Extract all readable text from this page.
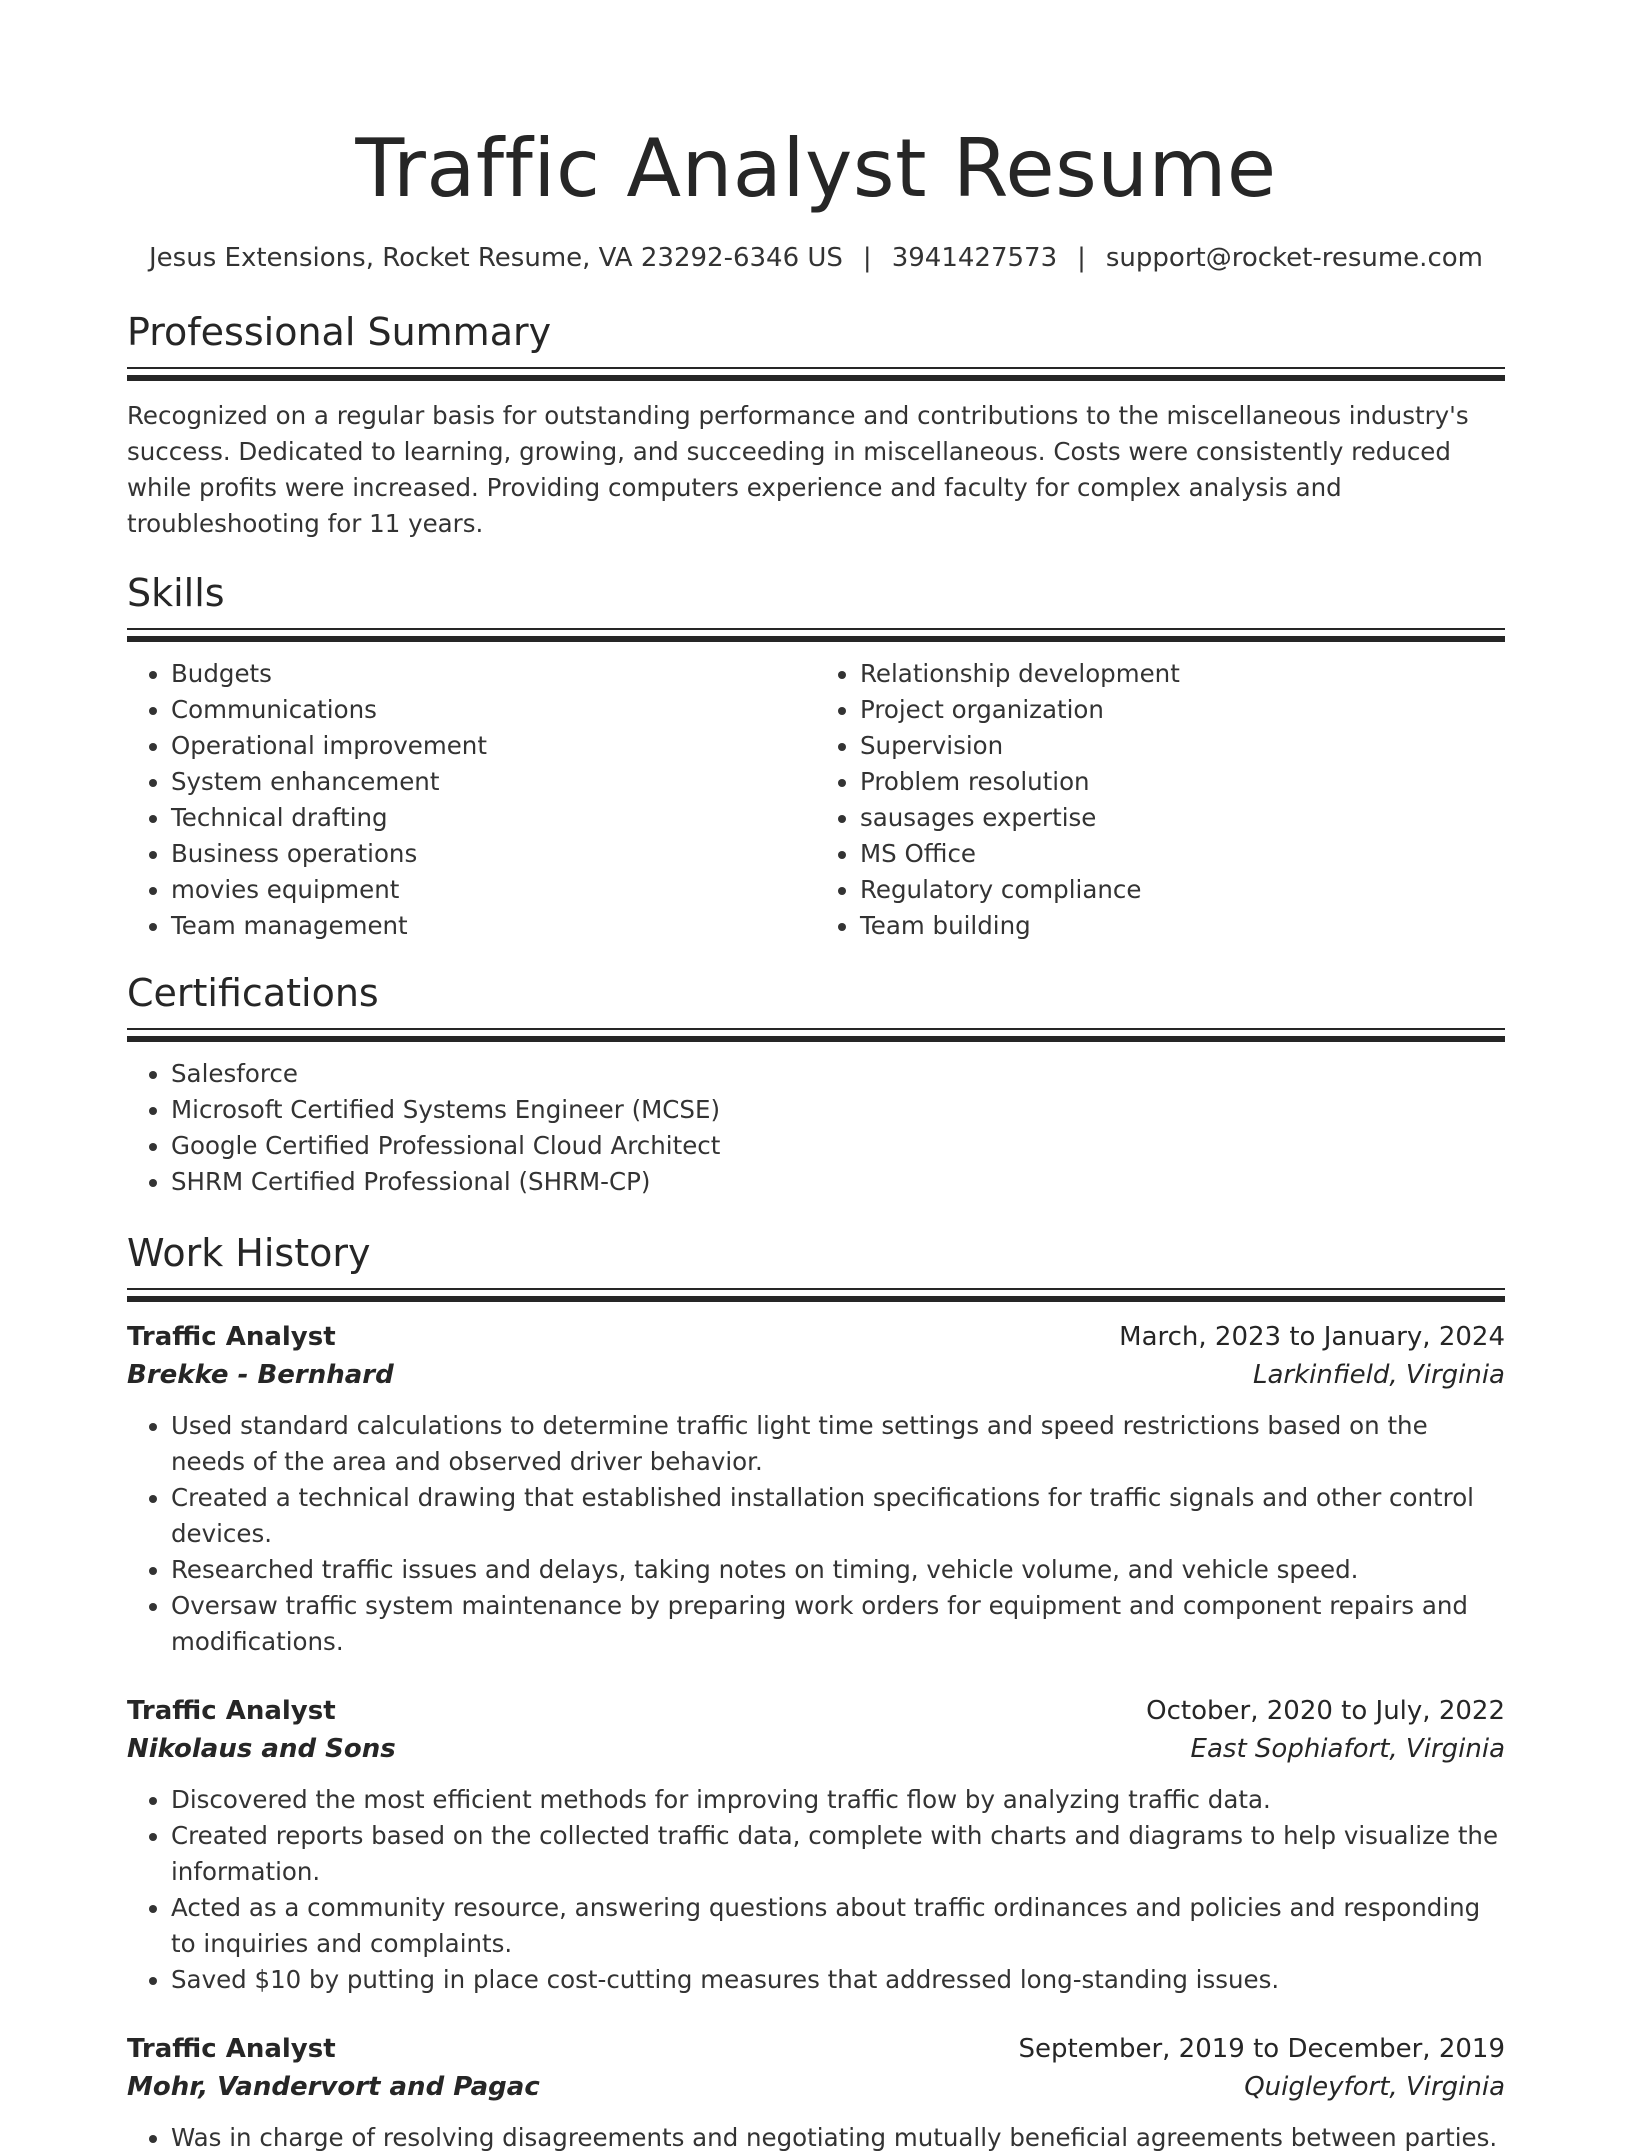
Traffic Analyst Resume
Jesus Extensions, Rocket Resume, VA 23292-6346 US | 3941427573 | support@rocket-resume.com
Professional Summary

Recognized on a regular basis for outstanding performance and contributions to the miscellaneous industry's success. Dedicated to learning, growing, and succeeding in miscellaneous. Costs were consistently reduced while profits were increased. Providing computers experience and faculty for complex analysis and troubleshooting for 11 years.

Skills
• Budgets
• Communications
• Operational improvement
• System enhancement
• Technical drafting
• Business operations
• movies equipment
• Team management
• Relationship development
• Project organization
• Supervision
• Problem resolution
• sausages expertise
• MS Office
• Regulatory compliance
• Team building
Certifications
• Salesforce
• Microsoft Certified Systems Engineer (MCSE)
• Google Certified Professional Cloud Architect
• SHRM Certified Professional (SHRM-CP)
Work History
Traffic Analyst	March, 2023 to January, 2024
Brekke - Bernhard	Larkinfield, Virginia
• Used standard calculations to determine traffic light time settings and speed restrictions based on the needs of the area and observed driver behavior.
• Created a technical drawing that established installation specifications for traffic signals and other control devices.
• Researched traffic issues and delays, taking notes on timing, vehicle volume, and vehicle speed.
• Oversaw traffic system maintenance by preparing work orders for equipment and component repairs and modifications.
Traffic Analyst	October, 2020 to July, 2022
Nikolaus and Sons	East Sophiafort, Virginia
• Discovered the most efficient methods for improving traffic flow by analyzing traffic data.
• Created reports based on the collected traffic data, complete with charts and diagrams to help visualize the information.
• Acted as a community resource, answering questions about traffic ordinances and policies and responding to inquiries and complaints.
• Saved $10 by putting in place cost-cutting measures that addressed long-standing issues.
Traffic Analyst	September, 2019 to December, 2019
Mohr, Vandervort and Pagac	Quigleyfort, Virginia
• Was in charge of resolving disagreements and negotiating mutually beneficial agreements between parties.
